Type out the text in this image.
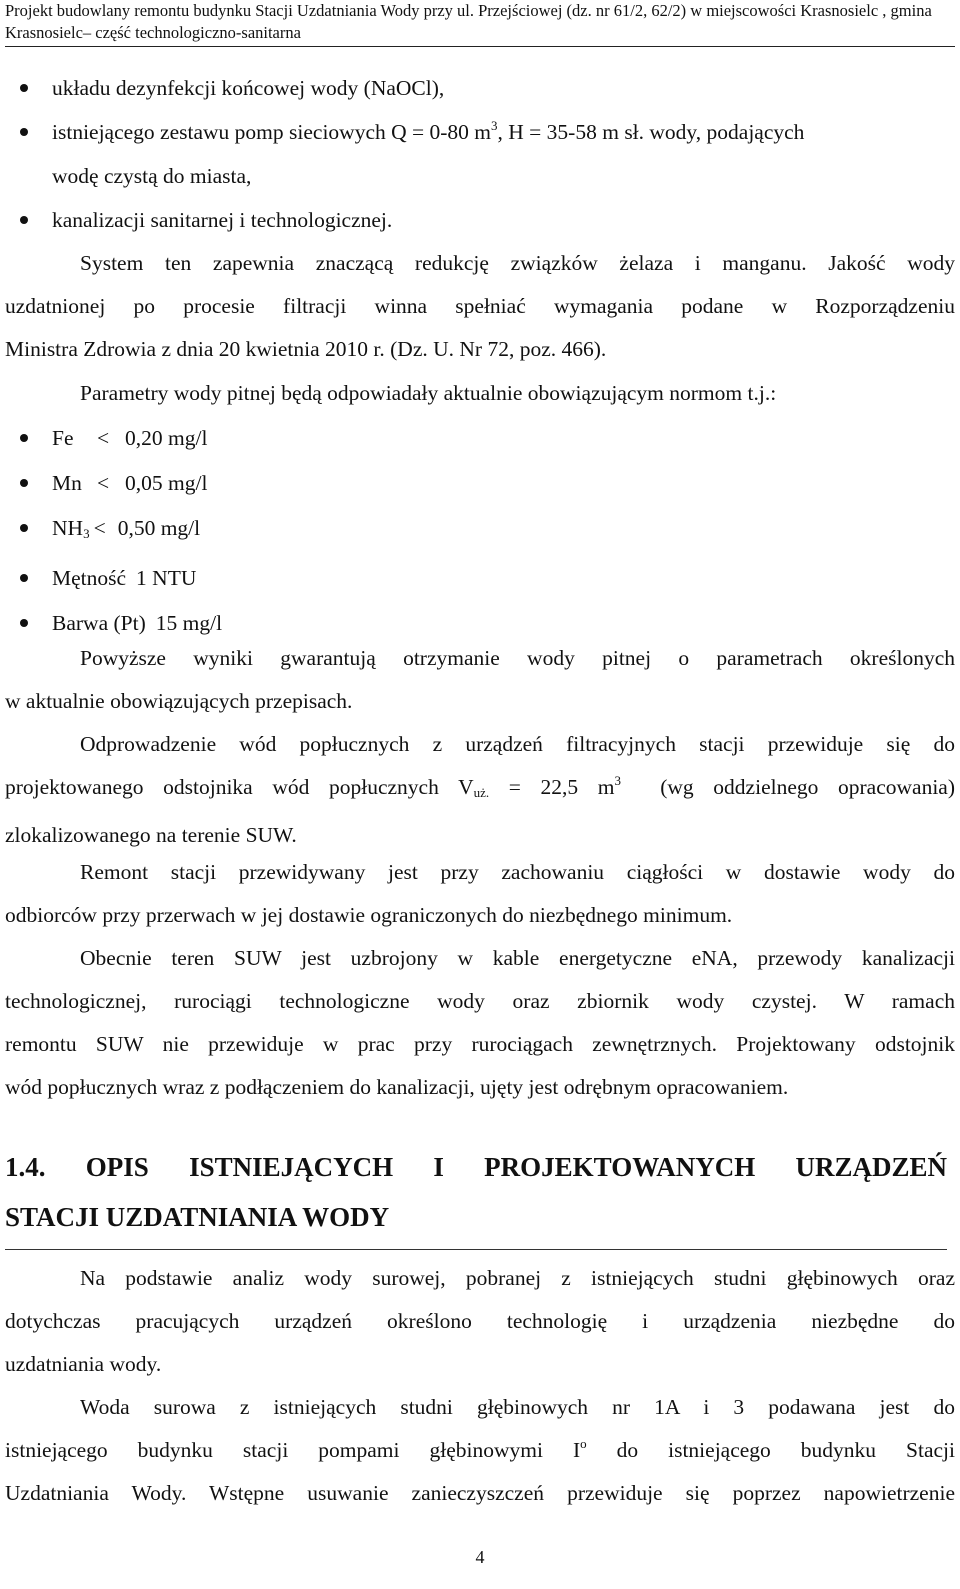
Projekt budowlany remontu budynku Stacji Uzdatniania Wody przy ul. Przejściowej (dz. nr 61/2, 62/2) w miejscowości Krasnosielc , gmina
Krasnosielc– część technologiczno-sanitarna
układu dezynfekcji końcowej wody (NaOCl),
istniejącego zestawu pomp sieciowych Q = 0-80 $m^3$, H = 35-58 m sł. wody, podających
wodę czystą do miasta,
kanalizacji sanitarnej i technologicznej.
System ten zapewnia znaczącą redukcję związków żelaza i manganu. Jakość wody
uzdatnionej po procesie filtracji winna spełniać wymagania podane w Rozporządzeniu
Ministra Zdrowia z dnia 20 kwietnia 2010 r. (Dz. U. Nr 72, poz. 466).
Parametry wody pitnej będą odpowiadały aktualnie obowiązującym normom t.j.:
Fe < 0,20 mg/l
Mn < 0,05 mg/l
$NH_3 < 0,50$ mg/l
Mętność 1 NTU
Barwa (Pt) 15 mg/l
Powyższe wyniki gwarantują otrzymanie wody pitnej o parametrach określonych
w aktualnie obowiązujących przepisach.
Odprowadzenie wód popłucznych z urządzeń filtracyjnych stacji przewiduje się do
projektowanego odstojnika wód popłucznych $V_{uż.} = 22,5$ $m^3$  (wg oddzielnego opracowania)
zlokalizowanego na terenie SUW.
Remont stacji przewidywany jest przy zachowaniu ciągłości w dostawie wody do
odbiorców przy przerwach w jej dostawie ograniczonych do niezbędnego minimum.
Obecnie teren SUW jest uzbrojony w kable energetyczne eNA, przewody kanalizacji
technologicznej, rurociągi technologiczne wody oraz zbiornik wody czystej. W ramach
remontu SUW nie przewiduje w prac przy rurociągach zewnętrznych. Projektowany odstojnik
wód popłucznych wraz z podłączeniem do kanalizacji, ujęty jest odrębnym opracowaniem.
1.4.  OPIS  ISTNIEJĄCYCH  I  PROJEKTOWANYCH  URZĄDZEŃ
STACJI UZDATNIANIA WODY
Na podstawie analiz wody surowej, pobranej z istniejących studni głębinowych oraz
dotychczas pracujących urządzeń określono technologię i urządzenia niezbędne do
uzdatniania wody.
Woda surowa z istniejących studni głębinowych nr 1A i 3 podawana jest do
istniejącego budynku stacji pompami głębinowymi $I^o$ do istniejącego budynku Stacji
Uzdatniania Wody. Wstępne usuwanie zanieczyszczeń przewiduje się poprzez napowietrzenie
4
